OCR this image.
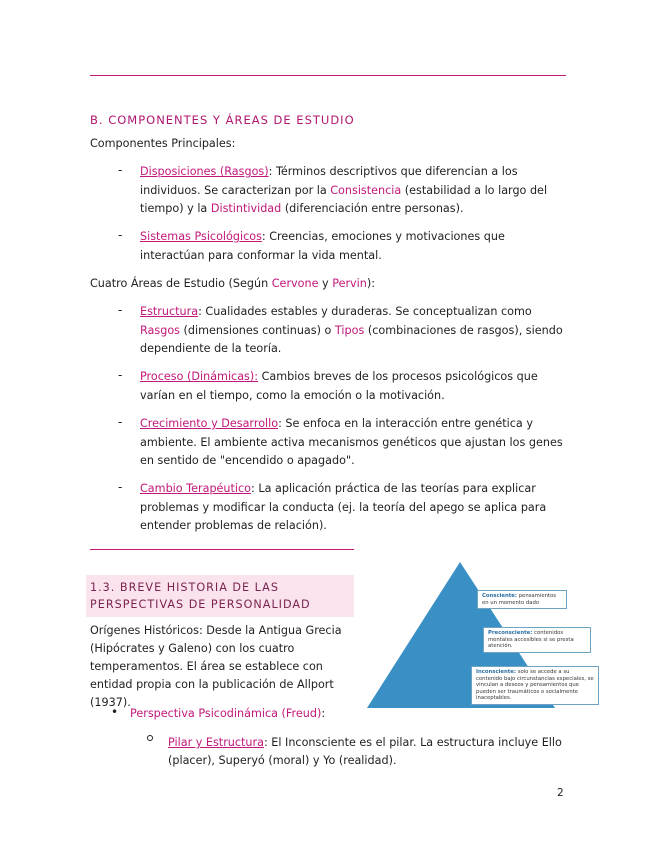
B. COMPONENTES Y ÁREAS DE ESTUDIO
Componentes Principales:
- Disposiciones (Rasgos): Términos descriptivos que diferencian a los individuos. Se caracterizan por la Consistencia (estabilidad a lo largo del tiempo) y la Distintividad (diferenciación entre personas).
- Sistemas Psicológicos: Creencias, emociones y motivaciones que interactúan para conformar la vida mental.
Cuatro Áreas de Estudio (Según Cervone y Pervin):
- Estructura: Cualidades estables y duraderas. Se conceptualizan como Rasgos (dimensiones continuas) o Tipos (combinaciones de rasgos), siendo dependiente de la teoría.
- Proceso (Dinámicas): Cambios breves de los procesos psicológicos que varían en el tiempo, como la emoción o la motivación.
- Crecimiento y Desarrollo: Se enfoca en la interacción entre genética y ambiente. El ambiente activa mecanismos genéticos que ajustan los genes en sentido de "encendido o apagado".
- Cambio Terapéutico: La aplicación práctica de las teorías para explicar problemas y modificar la conducta (ej. la teoría del apego se aplica para entender problemas de relación).
1.3. BREVE HISTORIA DE LAS
PERSPECTIVAS DE PERSONALIDAD
Orígenes Históricos: Desde la Antigua Grecia (Hipócrates y Galeno) con los cuatro temperamentos. El área se establece con entidad propia con la publicación de Allport (1937).
• Perspectiva Psicodinámica (Freud):
Pilar y Estructura: El Inconsciente es el pilar. La estructura incluye Ello (placer), Superyó (moral) y Yo (realidad).
Consciente: pensamientos en un momento dado
Preconsciente: contenidos mentales accesibles si se presta atención.
Inconsciente: solo se accede a su contenido bajo circunstancias especiales, se vinculan a deseos y pensamientos que pueden ser traumáticos o socialmente inaceptables.
2
